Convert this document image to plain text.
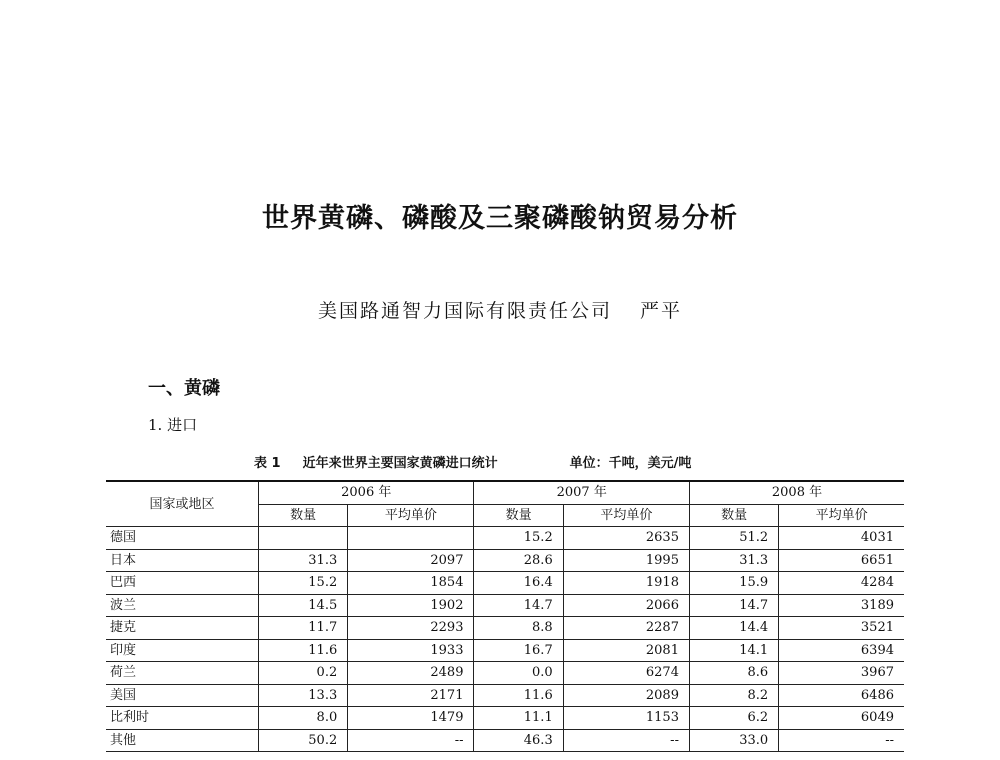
世界黄磷、磷酸及三聚磷酸钠贸易分析
美国路通智力国际有限责任公司 严平
一、黄磷
1. 进口
表 1 近年来世界主要国家黄磷进口统计	单位：千吨，美元/吨
国家或地区	2006 年		2007 年		2008 年	
	数量	平均单价	数量	平均单价	数量	平均单价
德国			15.2	2635	51.2	4031
日本	31.3	2097	28.6	1995	31.3	6651
巴西	15.2	1854	16.4	1918	15.9	4284
波兰	14.5	1902	14.7	2066	14.7	3189
捷克	11.7	2293	8.8	2287	14.4	3521
印度	11.6	1933	16.7	2081	14.1	6394
荷兰	0.2	2489	0.0	6274	8.6	3967
美国	13.3	2171	11.6	2089	8.2	6486
比利时	8.0	1479	11.1	1153	6.2	6049
其他	50.2	--	46.3	--	33.0	--
